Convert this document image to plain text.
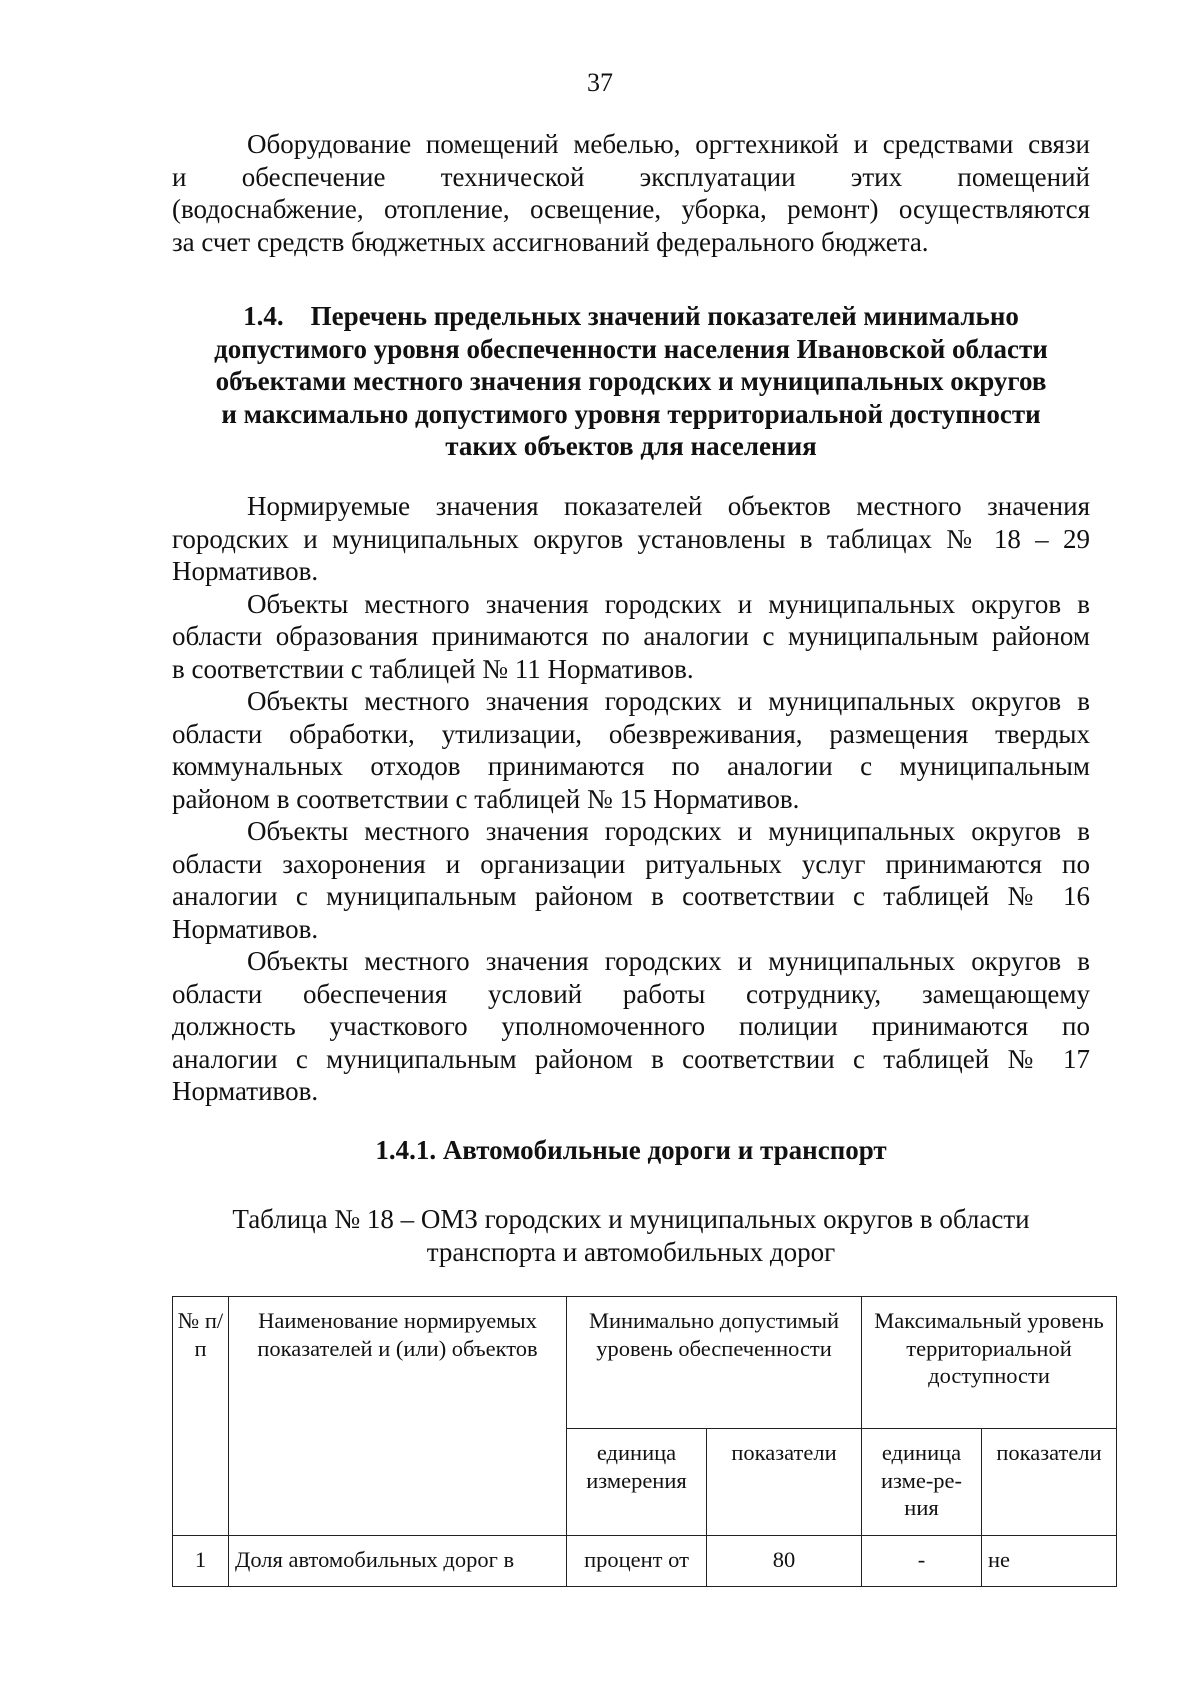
37
Оборудование помещений мебелью, оргтехникой и средствами связи
и обеспечение технической эксплуатации этих помещений
(водоснабжение, отопление, освещение, уборка, ремонт) осуществляются
за счет средств бюджетных ассигнований федерального бюджета.
1.4.    Перечень предельных значений показателей минимально
допустимого уровня обеспеченности населения Ивановской области
объектами местного значения городских и муниципальных округов
и максимально допустимого уровня территориальной доступности
таких объектов для населения
Нормируемые значения показателей объектов местного значения
городских и муниципальных округов установлены в таблицах № 18 – 29
Нормативов.
Объекты местного значения городских и муниципальных округов в
области образования принимаются по аналогии с муниципальным районом
в соответствии с таблицей № 11 Нормативов.
Объекты местного значения городских и муниципальных округов в
области обработки, утилизации, обезвреживания, размещения твердых
коммунальных отходов принимаются по аналогии с муниципальным
районом в соответствии с таблицей № 15 Нормативов.
Объекты местного значения городских и муниципальных округов в
области захоронения и организации ритуальных услуг принимаются по
аналогии с муниципальным районом в соответствии с таблицей № 16
Нормативов.
Объекты местного значения городских и муниципальных округов в
области обеспечения условий работы сотруднику, замещающему
должность участкового уполномоченного полиции принимаются по
аналогии с муниципальным районом в соответствии с таблицей № 17
Нормативов.
1.4.1. Автомобильные дороги и транспорт
Таблица № 18 – ОМЗ городских и муниципальных округов в области
транспорта и автомобильных дорог
№ п/п	Наименование нормируемых показателей и (или) объектов	Минимально допустимый уровень обеспеченности		Максимальный уровень территориальной доступности	
		единица измерения	показатели	единица изме-ре-ния	показатели
1	Доля автомобильных дорог в	процент от	80	-	не
